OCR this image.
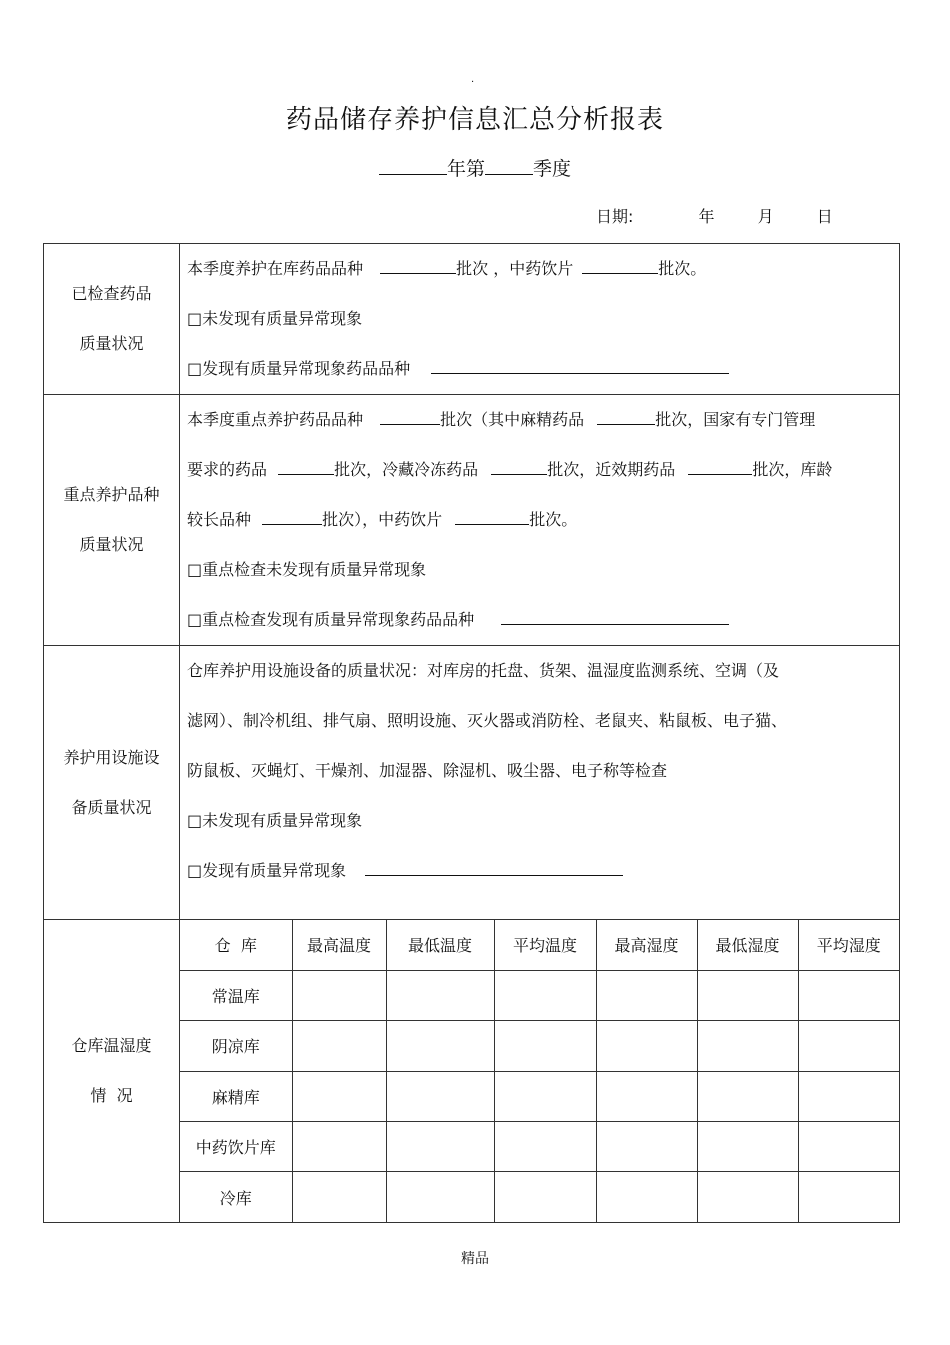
.
药品储存养护信息汇总分析报表
年第	季度
日期:	年	月	日
已检查药品
质量状况

本季度养护在库药品品种	批次 ，中药饮片	批次。
□未发现有质量异常现象
□发现有质量异常现象药品品种

重点养护品种
质量状况

本季度重点养护药品品种	批次（其中麻精药品	批次，国家有专门管理
要求的药品	批次，冷藏冷冻药品	批次，近效期药品	批次，库龄
较长品种	批次），中药饮片	批次。
□重点检查未发现有质量异常现象
□重点检查发现有质量异常现象药品品种

养护用设施设
备质量状况

仓库养护用设施设备的质量状况：对库房的托盘、货架、温湿度监测系统、空调（及
滤网）、制冷机组、排气扇、照明设施、灭火器或消防栓、老鼠夹、粘鼠板、电子猫、
防鼠板、灭蝇灯、干燥剂、加湿器、除湿机、吸尘器、电子称等检查
□未发现有质量异常现象
□发现有质量异常现象

仓库温湿度
情  况

仓  库	最高温度	最低温度	平均温度	最高湿度	最低湿度	平均湿度
常温库						
阴凉库						
麻精库						
中药饮片库						
冷库						
精品
